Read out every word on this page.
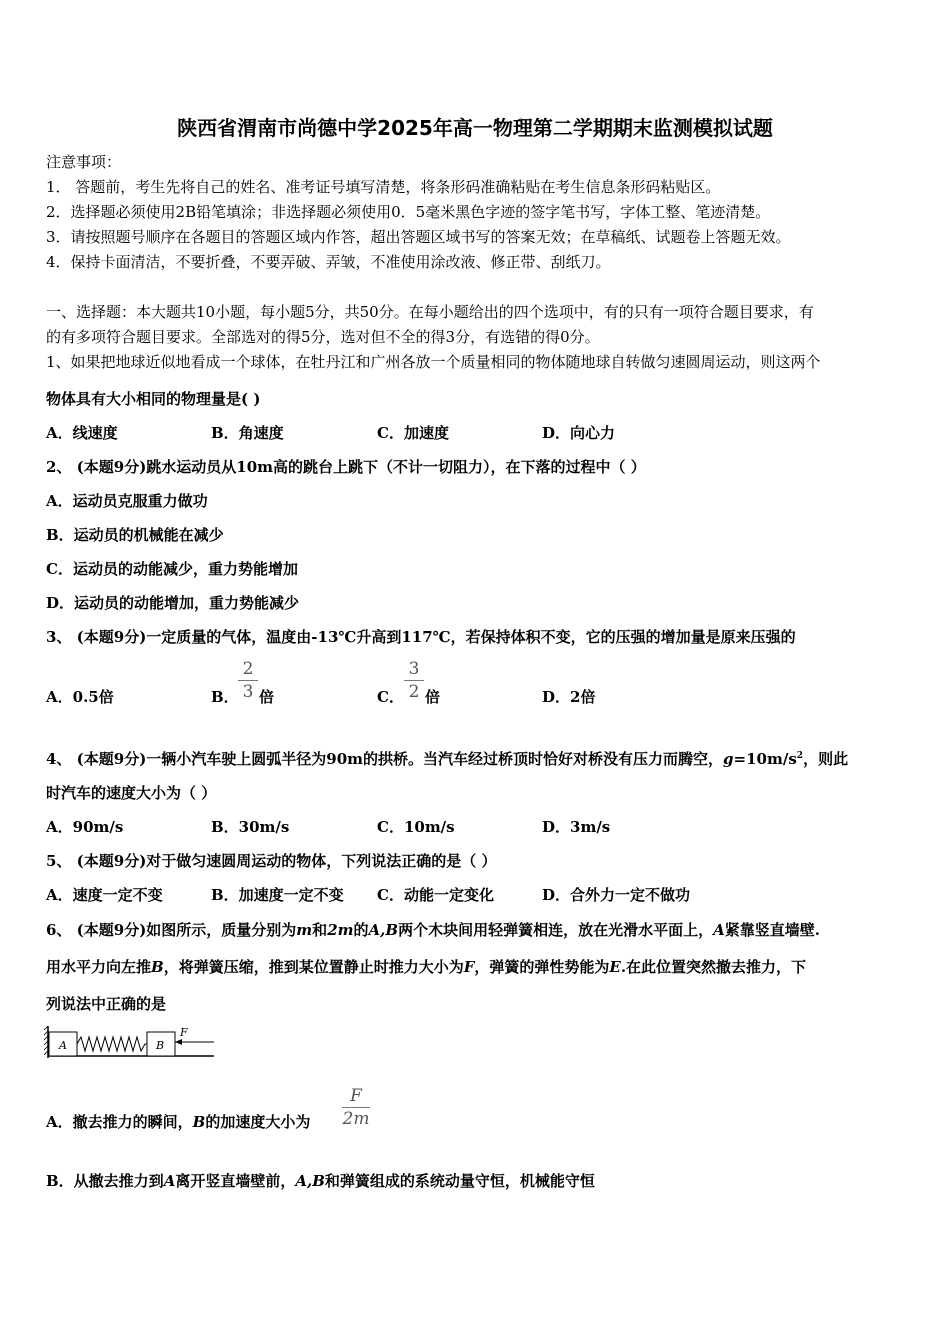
陕西省渭南市尚德中学2025年高一物理第二学期期末监测模拟试题
注意事项：
1． 答题前，考生先将自己的姓名、准考证号填写清楚，将条形码准确粘贴在考生信息条形码粘贴区。
2．选择题必须使用2B铅笔填涂；非选择题必须使用0．5毫米黑色字迹的签字笔书写，字体工整、笔迹清楚。
3．请按照题号顺序在各题目的答题区域内作答，超出答题区域书写的答案无效；在草稿纸、试题卷上答题无效。
4．保持卡面清洁，不要折叠，不要弄破、弄皱，不准使用涂改液、修正带、刮纸刀。
一、选择题：本大题共10小题，每小题5分，共50分。在每小题给出的四个选项中，有的只有一项符合题目要求，有
的有多项符合题目要求。全部选对的得5分，选对但不全的得3分，有选错的得0分。
1、如果把地球近似地看成一个球体，在牡丹江和广州各放一个质量相同的物体随地球自转做匀速圆周运动，则这两个
物体具有大小相同的物理量是( )
A．线速度	B．角速度	C．加速度	D．向心力
2、 (本题9分)跳水运动员从10m高的跳台上跳下（不计一切阻力），在下落的过程中（ ）
A．运动员克服重力做功
B．运动员的机械能在减少
C．运动员的动能减少，重力势能增加
D．运动员的动能增加，重力势能减少
3、 (本题9分)一定质量的气体，温度由-13℃升高到117℃，若保持体积不变，它的压强的增加量是原来压强的
A．0.5倍	B．
2
3 倍	C．
3
2 倍	D．2倍
4、 (本题9分)一辆小汽车驶上圆弧半径为90m的拱桥。当汽车经过桥顶时恰好对桥没有压力而腾空，$g=10m/s^2$，则此
时汽车的速度大小为（ ）
A．90m/s	B．30m/s	C．10m/s	D．3m/s
5、 (本题9分)对于做匀速圆周运动的物体，下列说法正确的是（ ）
A．速度一定不变	B．加速度一定不变 C．动能一定变化	D．合外力一定不做功
6、 (本题9分)如图所示，质量分别为m和2m的A,B两个木块间用轻弹簧相连，放在光滑水平面上，A紧靠竖直墙壁.
用水平力向左推B，将弹簧压缩，推到某位置静止时推力大小为F，弹簧的弹性势能为E.在此位置突然撤去推力，下
列说法中正确的是
A	B
F
A．撤去推力的瞬间，B的加速度大小为
F
2m
B．从撤去推力到A离开竖直墙壁前，A,B和弹簧组成的系统动量守恒，机械能守恒
